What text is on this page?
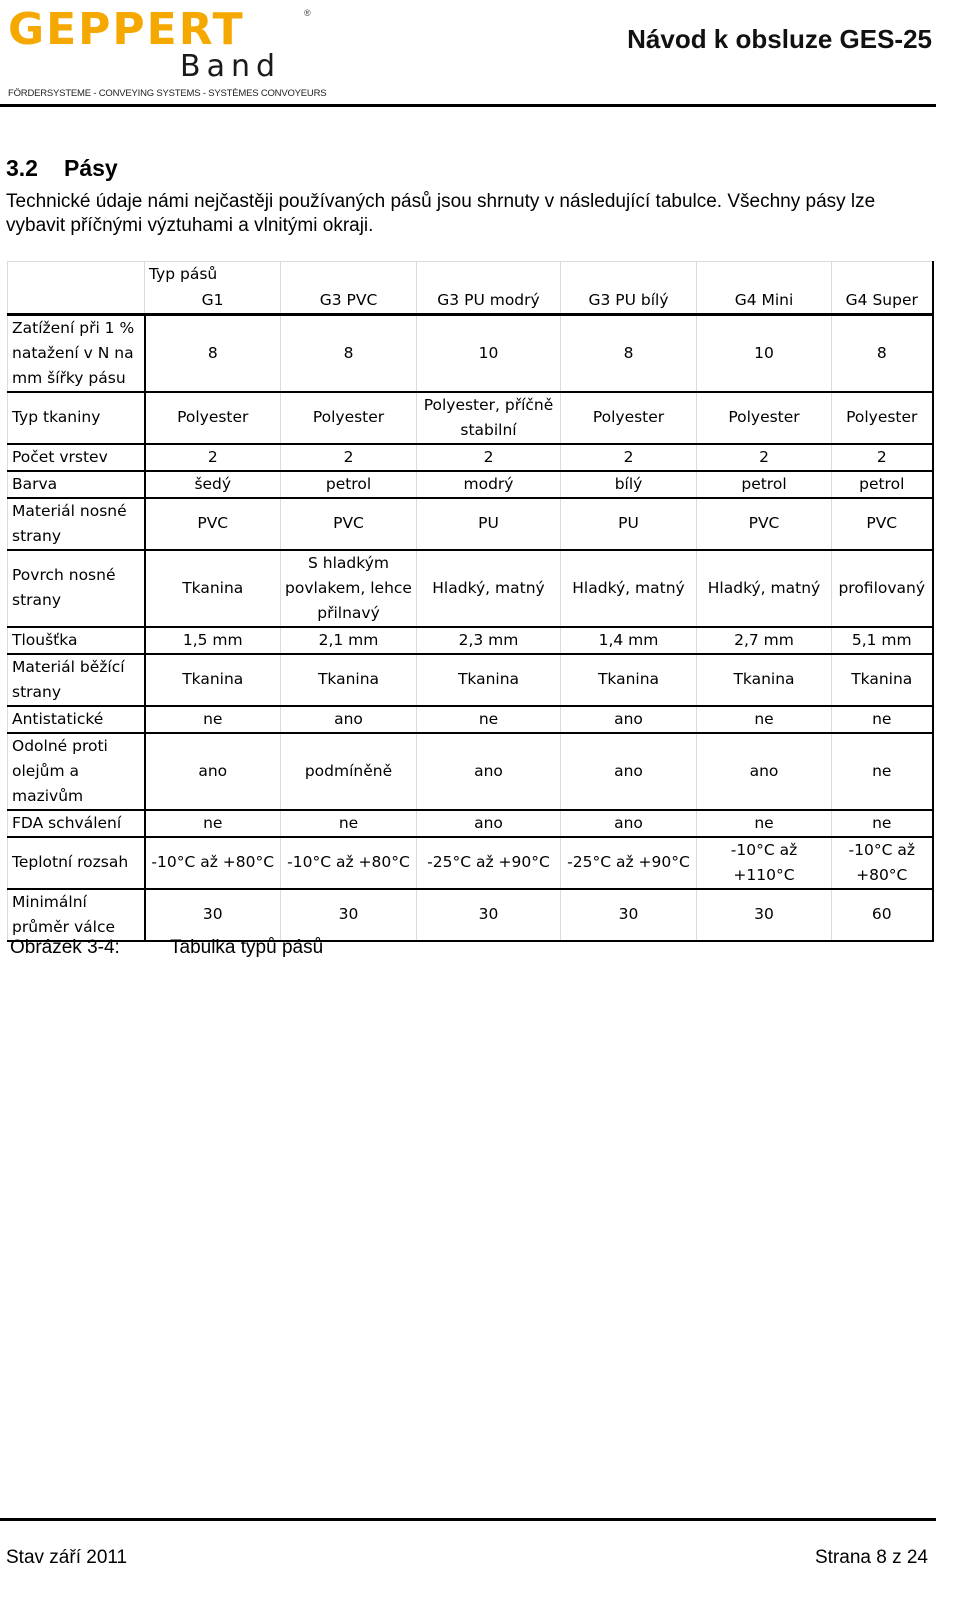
GEPPERT	®
Band
FÖRDERSYSTEME - CONVEYING SYSTEMS - SYSTÈMES CONVOYEURS
Návod k obsluze GES-25
3.2 Pásy
Technické údaje námi nejčastěji používaných pásů jsou shrnuty v následující tabulce. Všechny pásy lze vybavit příčnými výztuhami a vlnitými okraji.
	Typ pásů					
	G1	G3 PVC	G3 PU modrý	G3 PU bílý	G4 Mini	G4 Super
Zatížení při 1 % natažení v N na mm šířky pásu	8	8	10	8	10	8
Typ tkaniny	Polyester	Polyester	Polyester, příčně stabilní	Polyester	Polyester	Polyester
Počet vrstev	2	2	2	2	2	2
Barva	šedý	petrol	modrý	bílý	petrol	petrol
Materiál nosné strany	PVC	PVC	PU	PU	PVC	PVC
Povrch nosné strany	Tkanina	S hladkým povlakem, lehce přilnavý	Hladký, matný	Hladký, matný	Hladký, matný	profilovaný
Tloušťka	1,5 mm	2,1 mm	2,3 mm	1,4 mm	2,7 mm	5,1 mm
Materiál běžící strany	Tkanina	Tkanina	Tkanina	Tkanina	Tkanina	Tkanina
Antistatické	ne	ano	ne	ano	ne	ne
Odolné proti olejům a mazivům	ano	podmíněně	ano	ano	ano	ne
FDA schválení	ne	ne	ano	ano	ne	ne
Teplotní rozsah	-10°C až +80°C	-10°C až +80°C	-25°C až +90°C	-25°C až +90°C	-10°C až +110°C	-10°C až +80°C
Minimální průměr válce	30	30	30	30	30	60
Obrázek 3-4:	Tabulka typů pásů
Stav září 2011	Strana 8 z 24
